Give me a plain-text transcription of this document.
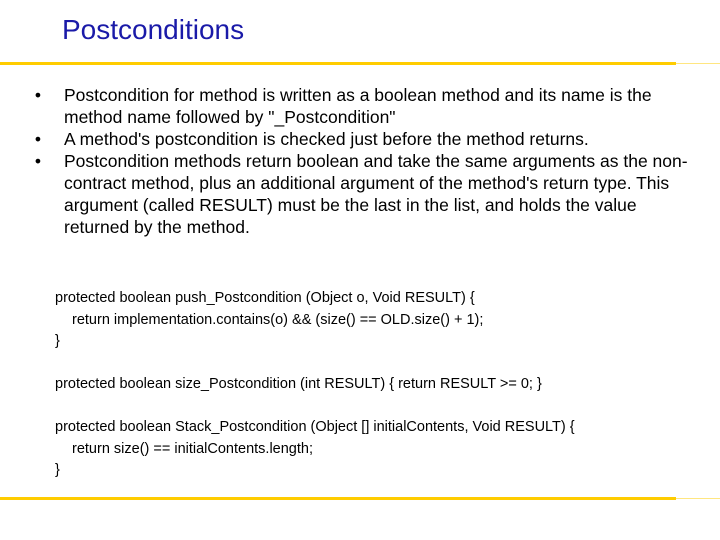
Postconditions
• Postcondition for method is written as a boolean method and its name is the method name followed by "_Postcondition"
• A method's postcondition is checked just before the method returns.
• Postcondition methods return boolean and take the same arguments as the non-contract method, plus an additional argument of the method's return type. This argument (called RESULT) must be the last in the list, and holds the value returned by the method.
protected boolean push_Postcondition (Object o, Void RESULT) {
return implementation.contains(o) && (size() == OLD.size() + 1);
}
protected boolean size_Postcondition (int RESULT) { return RESULT >= 0; }
protected boolean Stack_Postcondition (Object [] initialContents, Void RESULT) {
return size() == initialContents.length;
}
